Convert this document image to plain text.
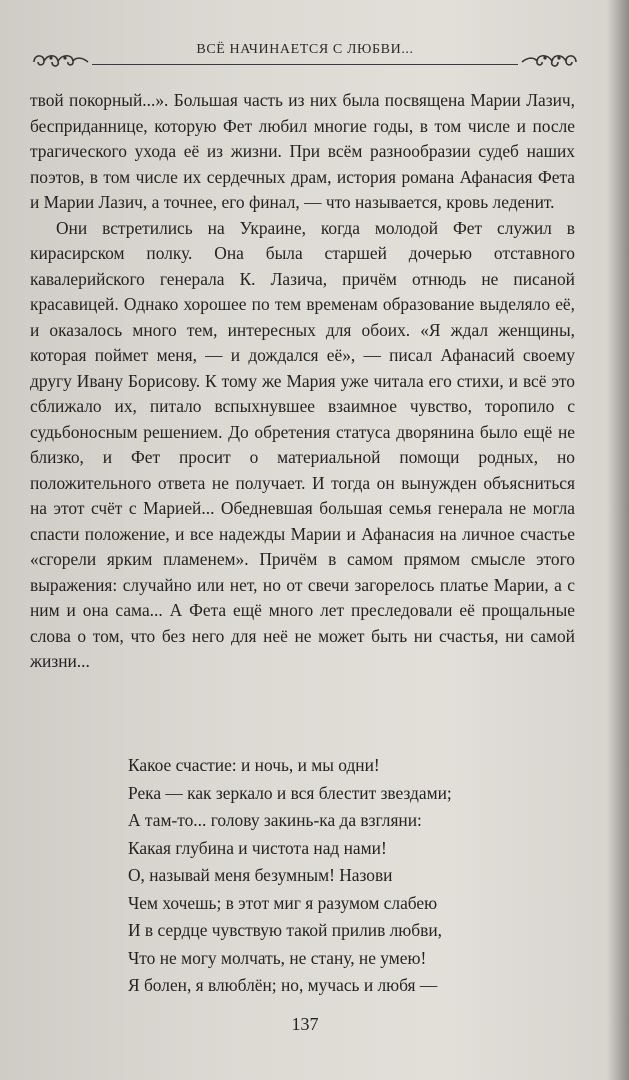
ВСЁ НАЧИНАЕТСЯ С ЛЮБВИ...

твой покорный...». Большая часть из них была посвящена Марии Лазич, бесприданнице, которую Фет любил многие годы, в том числе и после трагического ухода её из жизни. При всём разнообразии судеб наших поэтов, в том числе их сердечных драм, история романа Афанасия Фета и Марии Лазич, а точнее, его финал, — что называется, кровь леденит.

Они встретились на Украине, когда молодой Фет служил в кирасирском полку. Она была старшей дочерью отставного кавалерийского генерала К. Лазича, причём отнюдь не писаной красавицей. Однако хорошее по тем временам образование выделяло её, и оказалось много тем, интересных для обоих. «Я ждал женщины, которая поймет меня, — и дождался её», — писал Афанасий своему другу Ивану Борисову. К тому же Мария уже читала его стихи, и всё это сближало их, питало вспыхнувшее взаимное чувство, торопило с судьбоносным решением. До обретения статуса дворянина было ещё не близко, и Фет просит о материальной помощи родных, но положительного ответа не получает. И тогда он вынужден объясниться на этот счёт с Марией... Обедневшая большая семья генерала не могла спасти положение, и все надежды Марии и Афанасия на личное счастье «сгорели ярким пламенем». Причём в самом прямом смысле этого выражения: случайно или нет, но от свечи загорелось платье Марии, а с ним и она сама... А Фета ещё много лет преследовали её прощальные слова о том, что без него для неё не может быть ни счастья, ни самой жизни...

Какое счастие: и ночь, и мы одни!
Река — как зеркало и вся блестит звездами;
А там-то... голову закинь-ка да взгляни:
Какая глубина и чистота над нами!
О, называй меня безумным! Назови
Чем хочешь; в этот миг я разумом слабею
И в сердце чувствую такой прилив любви,
Что не могу молчать, не стану, не умею!
Я болен, я влюблён; но, мучась и любя —
137
